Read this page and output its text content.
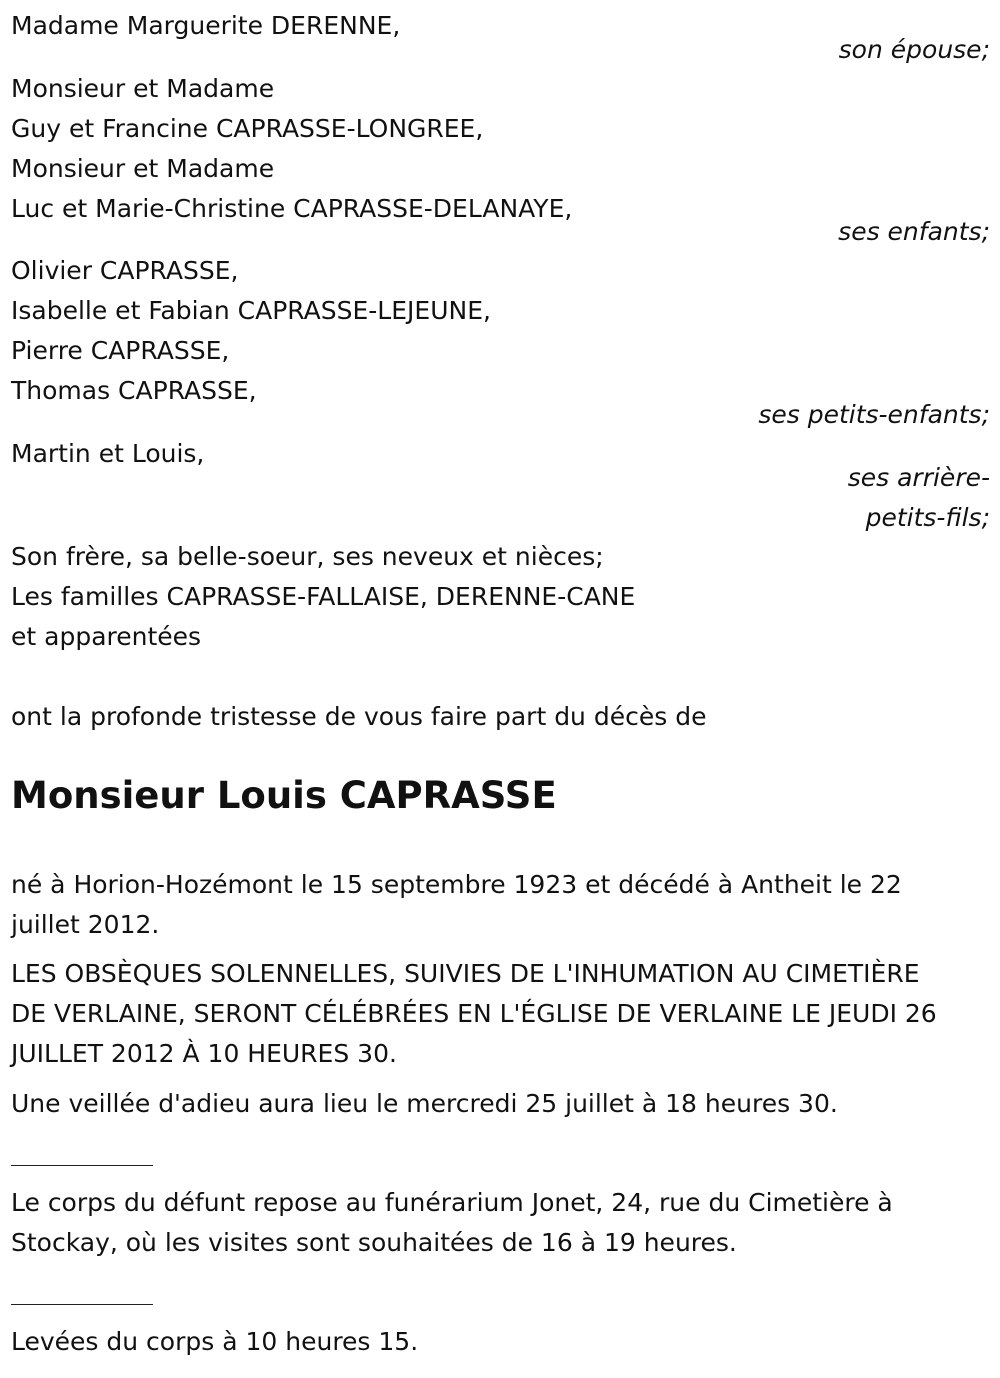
Madame Marguerite DERENNE,
son épouse;
Monsieur et Madame
Guy et Francine CAPRASSE-LONGREE,
Monsieur et Madame
Luc et Marie-Christine CAPRASSE-DELANAYE,
ses enfants;
Olivier CAPRASSE,
Isabelle et Fabian CAPRASSE-LEJEUNE,
Pierre CAPRASSE,
Thomas CAPRASSE,
ses petits-enfants;
Martin et Louis,
ses arrière-
petits-fils;
Son frère, sa belle-soeur, ses neveux et nièces;
Les familles CAPRASSE-FALLAISE, DERENNE-CANE
et apparentées
ont la profonde tristesse de vous faire part du décès de
Monsieur Louis CAPRASSE
né à Horion-Hozémont le 15 septembre 1923 et décédé à Antheit le 22
juillet 2012.
LES OBSÈQUES SOLENNELLES, SUIVIES DE L'INHUMATION AU CIMETIÈRE
DE VERLAINE, SERONT CÉLÉBRÉES EN L'ÉGLISE DE VERLAINE LE JEUDI 26
JUILLET 2012 À 10 HEURES 30.
Une veillée d'adieu aura lieu le mercredi 25 juillet à 18 heures 30.
Le corps du défunt repose au funérarium Jonet, 24, rue du Cimetière à
Stockay, où les visites sont souhaitées de 16 à 19 heures.
Levées du corps à 10 heures 15.
